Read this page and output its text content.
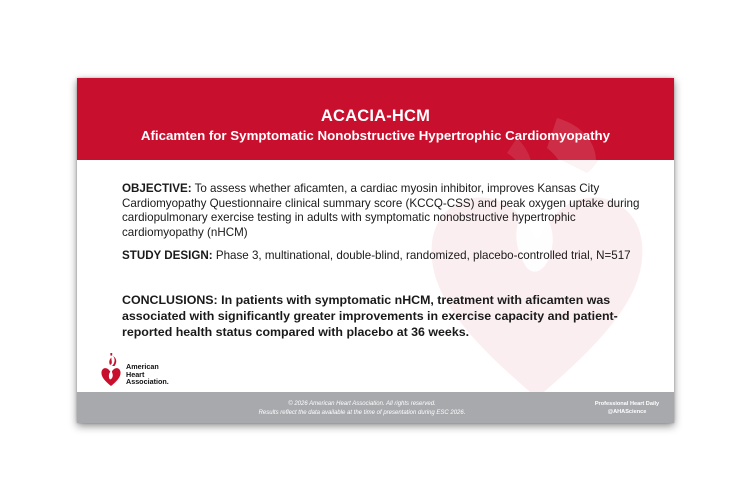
ACACIA-HCM
Aficamten for Symptomatic Nonobstructive Hypertrophic Cardiomyopathy
OBJECTIVE: To assess whether aficamten, a cardiac myosin inhibitor, improves Kansas City Cardiomyopathy Questionnaire clinical summary score (KCCQ-CSS) and peak oxygen uptake during cardiopulmonary exercise testing in adults with symptomatic nonobstructive hypertrophic cardiomyopathy (nHCM)
STUDY DESIGN: Phase 3, multinational, double-blind, randomized, placebo-controlled trial, N=517
CONCLUSIONS: In patients with symptomatic nHCM, treatment with aficamten was associated with significantly greater improvements in exercise capacity and patient-reported health status compared with placebo at 36 weeks.
American
Heart
Association.
© 2026 American Heart Association. All rights reserved.
Results reflect the data available at the time of presentation during ESC 2026.
Professional Heart Daily
@AHAScience
